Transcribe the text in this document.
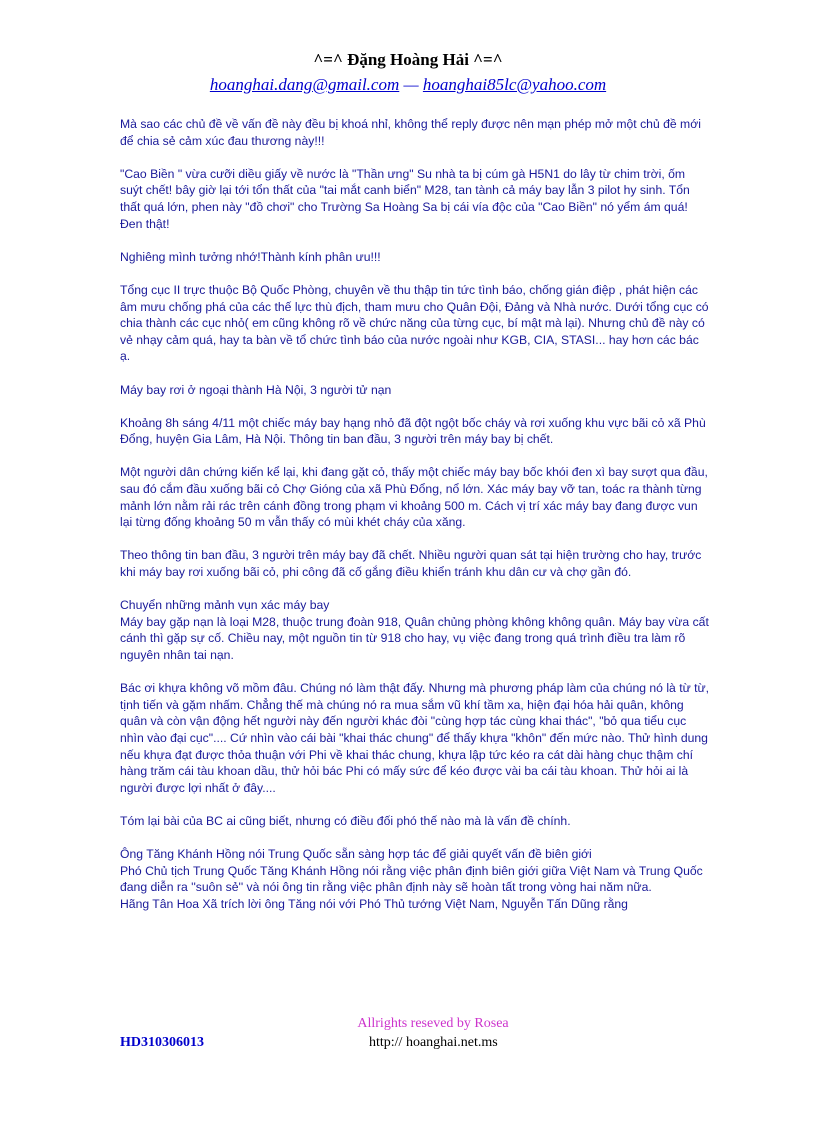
^=^ Đặng Hoàng Hải ^=^
hoanghai.dang@gmail.com — hoanghai85lc@yahoo.com

Mà sao các chủ đề về vấn đề này đều bị khoá nhỉ, không thể reply được nên mạn phép mở một chủ đề mới để chia sẻ cảm xúc đau thương này!!!

"Cao Biền " vừa cưỡi diều giấy về nước là "Thần ưng" Su nhà ta bị cúm gà H5N1 do lây từ chim trời, ốm suýt chết! bây giờ lại tới tổn thất của "tai mắt canh biển" M28, tan tành cả máy bay lẫn 3 pilot hy sinh. Tổn thất quá lớn, phen này "đồ chơi" cho Trường Sa Hoàng Sa bị cái vía độc của "Cao Biền" nó yểm ám quá! Đen thật!

Nghiêng mình tưởng nhớ!Thành kính phân ưu!!!

Tổng cục II trực thuộc Bộ Quốc Phòng, chuyên về thu thập tin tức tình báo, chống gián điệp , phát hiện các âm mưu chống phá của các thế lực thù địch, tham mưu cho Quân Đội, Đảng và Nhà nước. Dưới tổng cục có chia thành các cục nhỏ( em cũng không rõ về chức năng của từng cục, bí mật mà lại). Nhưng chủ đề này có vẻ nhạy cảm quá, hay ta bàn về tổ chức tình báo của nước ngoài như KGB, CIA, STASI... hay hơn các bác ạ.

Máy bay rơi ở ngoại thành Hà Nội, 3 người tử nạn

Khoảng 8h sáng 4/11 một chiếc máy bay hạng nhỏ đã đột ngột bốc cháy và rơi xuống khu vực bãi cỏ xã Phù Đổng, huyện Gia Lâm, Hà Nội. Thông tin ban đầu, 3 người trên máy bay bị chết.

Một người dân chứng kiến kể lại, khi đang gặt cỏ, thấy một chiếc máy bay bốc khói đen xì bay sượt qua đầu, sau đó cắm đầu xuống bãi cỏ Chợ Gióng của xã Phù Đổng, nổ lớn. Xác máy bay vỡ tan, toác ra thành từng mảnh lớn nằm rải rác trên cánh đồng trong phạm vi khoảng 500 m. Cách vị trí xác máy bay đang được vun lại từng đống khoảng 50 m vẫn thấy có mùi khét cháy của xăng.

Theo thông tin ban đầu, 3 người trên máy bay đã chết. Nhiều người quan sát tại hiện trường cho hay, trước khi máy bay rơi xuống bãi cỏ, phi công đã cố gắng điều khiển tránh khu dân cư và chợ gần đó.

Chuyển những mảnh vụn xác máy bay

Máy bay gặp nạn là loại M28, thuộc trung đoàn 918, Quân chủng phòng không không quân. Máy bay vừa cất cánh thì gặp sự cố. Chiều nay, một nguồn tin từ 918 cho hay, vụ việc đang trong quá trình điều tra làm rõ nguyên nhân tai nạn.

Bác ơi khựa không võ mồm đâu. Chúng nó làm thật đấy. Nhưng mà phương pháp làm của chúng nó là từ từ, tịnh tiến và gặm nhấm. Chẳng thế mà chúng nó ra mua sắm vũ khí tầm xa, hiện đại hóa hải quân, không quân và còn vận động hết người này đến người khác đòi "cùng hợp tác cùng khai thác", "bỏ qua tiểu cục nhìn vào đại cục".... Cứ nhìn vào cái bài "khai thác chung" để thấy khựa "khôn" đến mức nào. Thử hình dung nếu khựa đạt được thỏa thuận với Phi về khai thác chung, khựa lập tức kéo ra cát dài hàng chục thậm chí hàng trăm cái tàu khoan dầu, thử hỏi bác Phi có mấy sức để kéo được vài ba cái tàu khoan. Thử hỏi ai là người được lợi nhất ở đây....

Tóm lại bài của BC ai cũng biết, nhưng có điều đối phó thế nào mà là vấn đề chính.

Ông Tăng Khánh Hồng nói Trung Quốc sẵn sàng hợp tác để giải quyết vấn đề biên giới

Phó Chủ tịch Trung Quốc Tăng Khánh Hồng nói rằng việc phân định biên giới giữa Việt Nam và Trung Quốc đang diễn ra ''suôn sẻ'' và nói ông tin rằng việc phân định này sẽ hoàn tất trong vòng hai năm nữa.

Hãng Tân Hoa Xã trích lời ông Tăng nói với Phó Thủ tướng Việt Nam, Nguyễn Tấn Dũng rằng

Allrights reseved by Rosea
HD310306013	http:// hoanghai.net.ms
